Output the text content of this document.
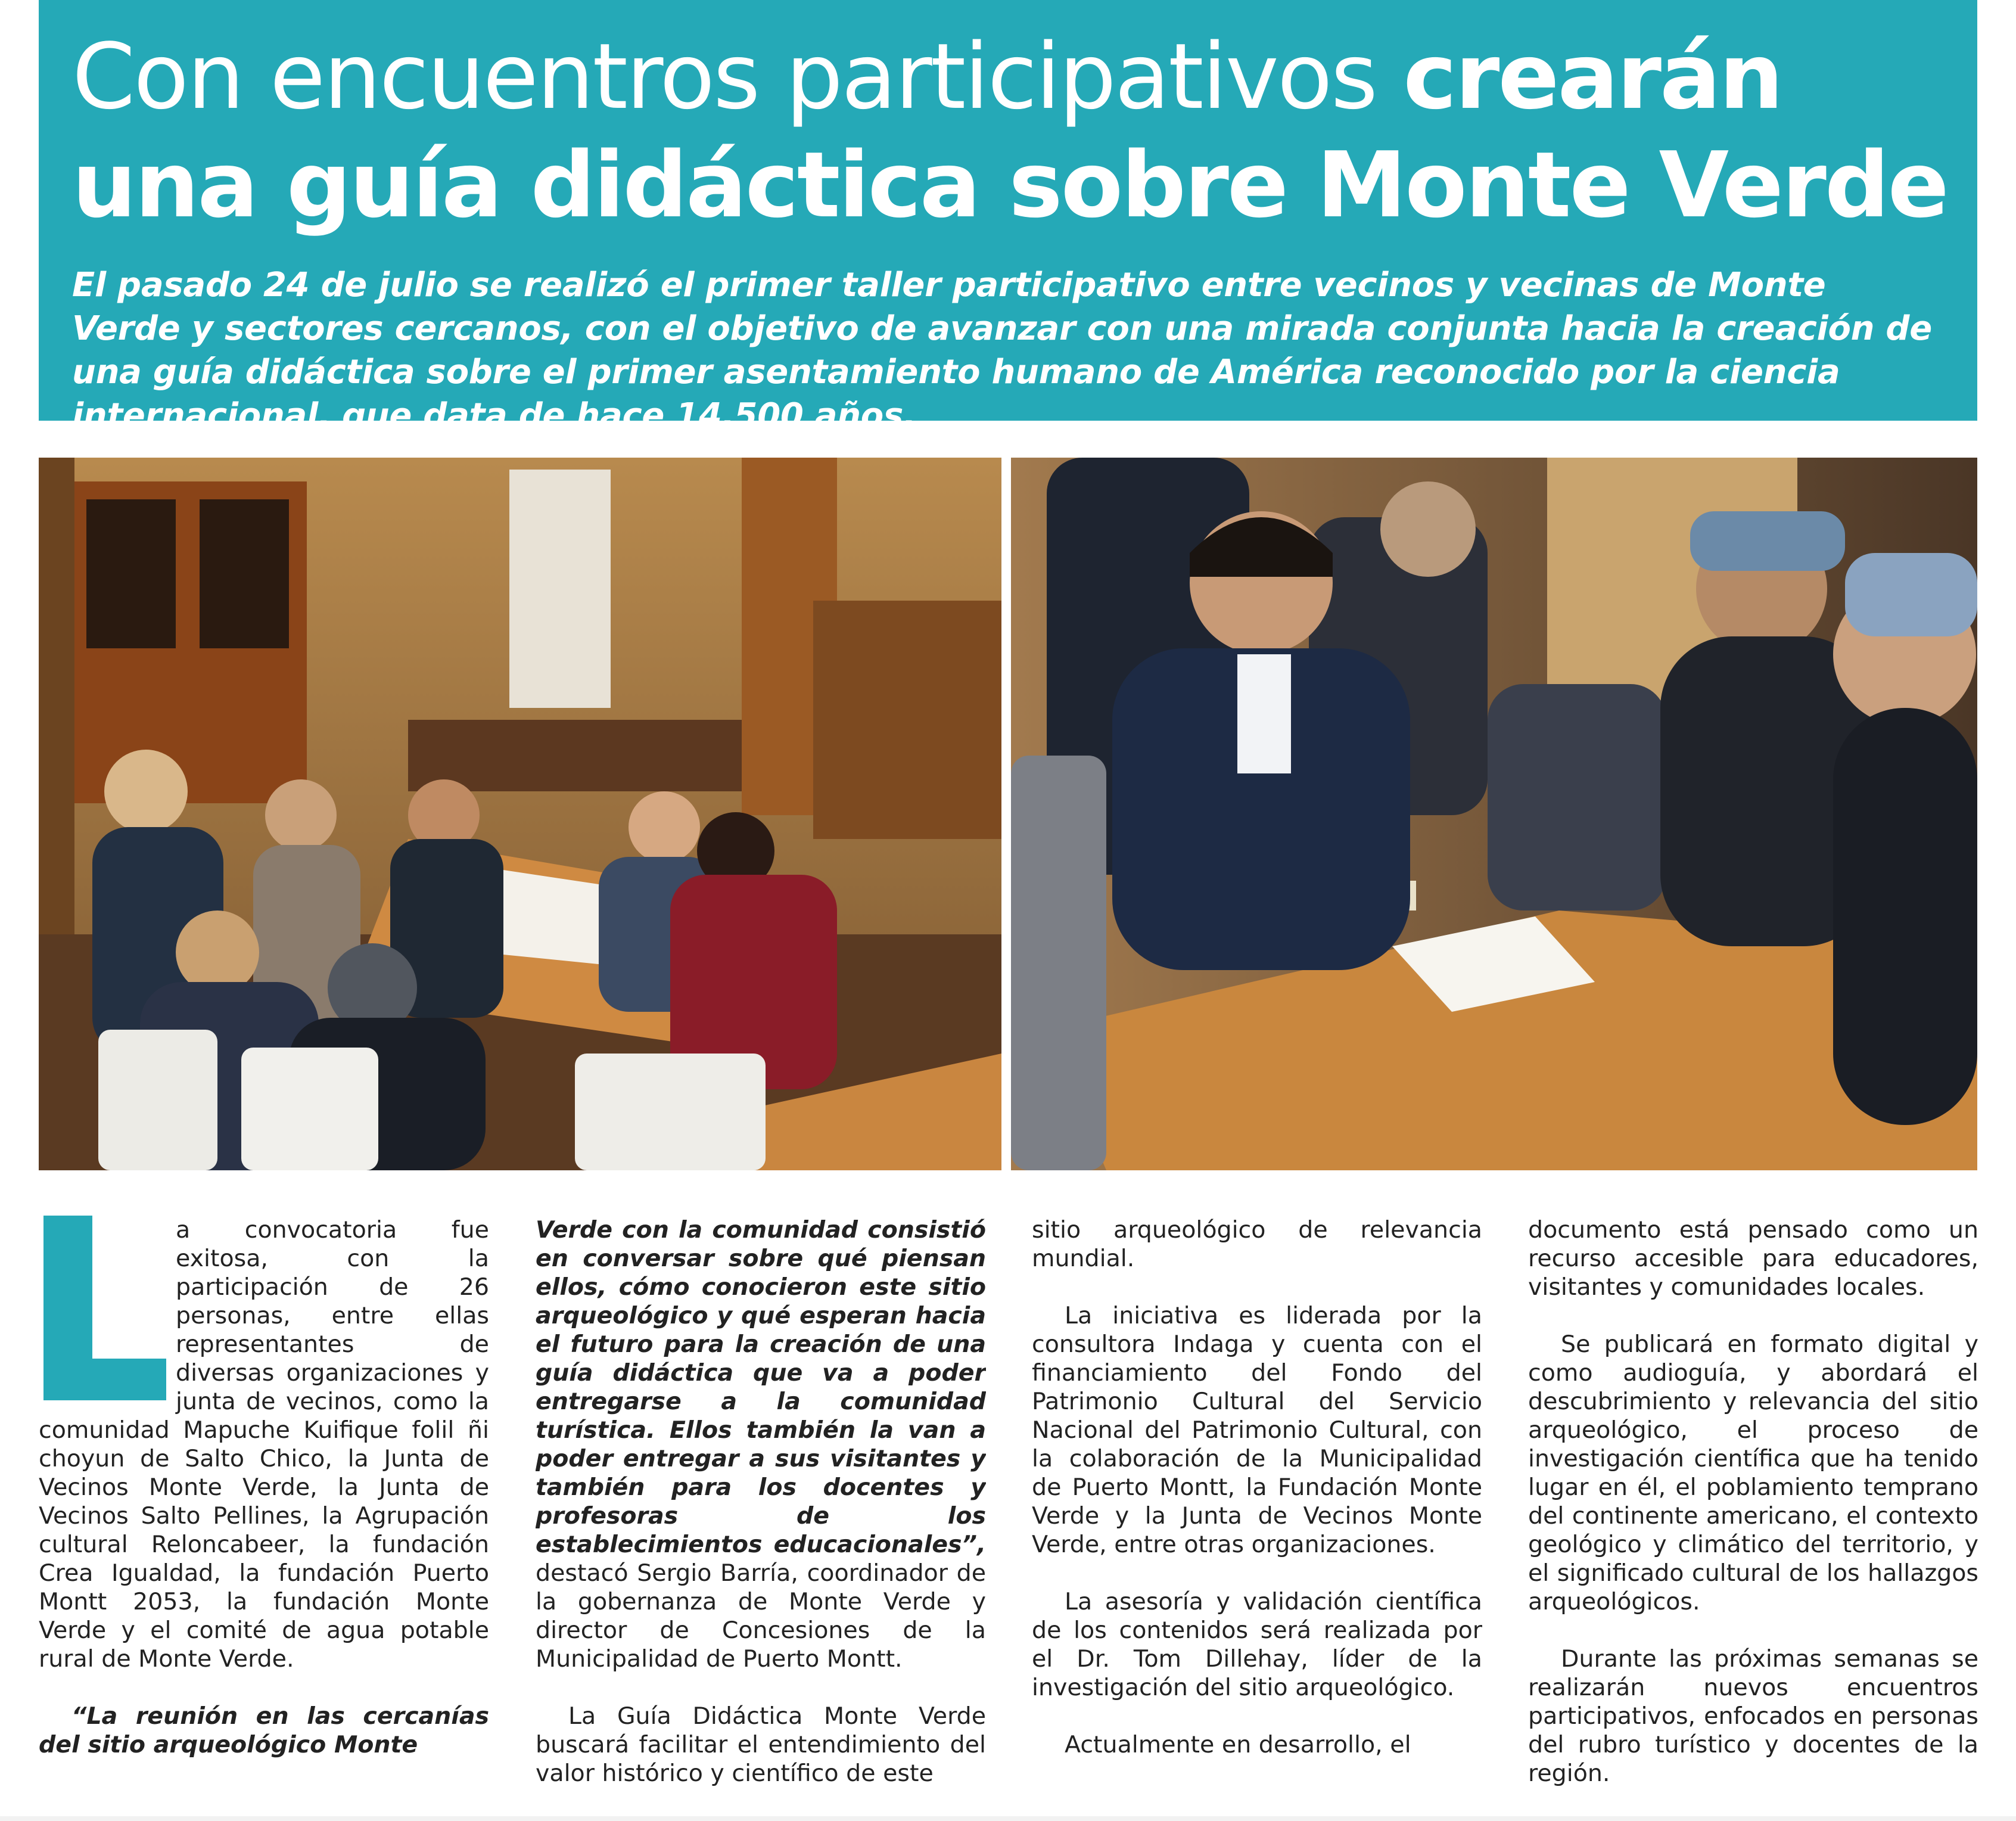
Con encuentros participativos crearán
una guía didáctica sobre Monte Verde

El pasado 24 de julio se realizó el primer taller participativo entre vecinos y vecinas de Monte Verde y sectores cercanos, con el objetivo de avanzar con una mirada conjunta hacia la creación de una guía didáctica sobre el primer asentamiento humano de América reconocido por la ciencia internacional, que data de hace 14.500 años.

a convocatoria fue exitosa, con la participación de 26 personas, entre ellas representantes de diversas organizaciones y junta de vecinos, como la comunidad Mapuche Kuifique folil ñi choyun de Salto Chico, la Junta de Vecinos Monte Verde, la Junta de Vecinos Salto Pellines, la Agrupación cultural Reloncabeer, la fundación Crea Igualdad, la fundación Puerto Montt 2053, la fundación Monte Verde y el comité de agua potable rural de Monte Verde.

“La reunión en las cercanías del sitio arqueológico Monte

Verde con la comunidad consistió en conversar sobre qué piensan ellos, cómo conocieron este sitio arqueológico y qué esperan hacia el futuro para la creación de una guía didáctica que va a poder entregarse a la comunidad turística. Ellos también la van a poder entregar a sus visitantes y también para los docentes y profesoras de los establecimientos educacionales”, destacó Sergio Barría, coordinador de la gobernanza de Monte Verde y director de Concesiones de la Municipalidad de Puerto Montt.

La Guía Didáctica Monte Verde buscará facilitar el entendimiento del valor histórico y científico de este

sitio arqueológico de relevancia mundial.

La iniciativa es liderada por la consultora Indaga y cuenta con el financiamiento del Fondo del Patrimonio Cultural del Servicio Nacional del Patrimonio Cultural, con la colaboración de la Municipalidad de Puerto Montt, la Fundación Monte Verde y la Junta de Vecinos Monte Verde, entre otras organizaciones.

La asesoría y validación científica de los contenidos será realizada por el Dr. Tom Dillehay, líder de la investigación del sitio arqueológico.

Actualmente en desarrollo, el

documento está pensado como un recurso accesible para educadores, visitantes y comunidades locales.

Se publicará en formato digital y como audioguía, y abordará el descubrimiento y relevancia del sitio arqueológico, el proceso de investigación científica que ha tenido lugar en él, el poblamiento temprano del continente americano, el contexto geológico y climático del territorio, y el significado cultural de los hallazgos arqueológicos.

Durante las próximas semanas se realizarán nuevos encuentros participativos, enfocados en personas del rubro turístico y docentes de la región.
